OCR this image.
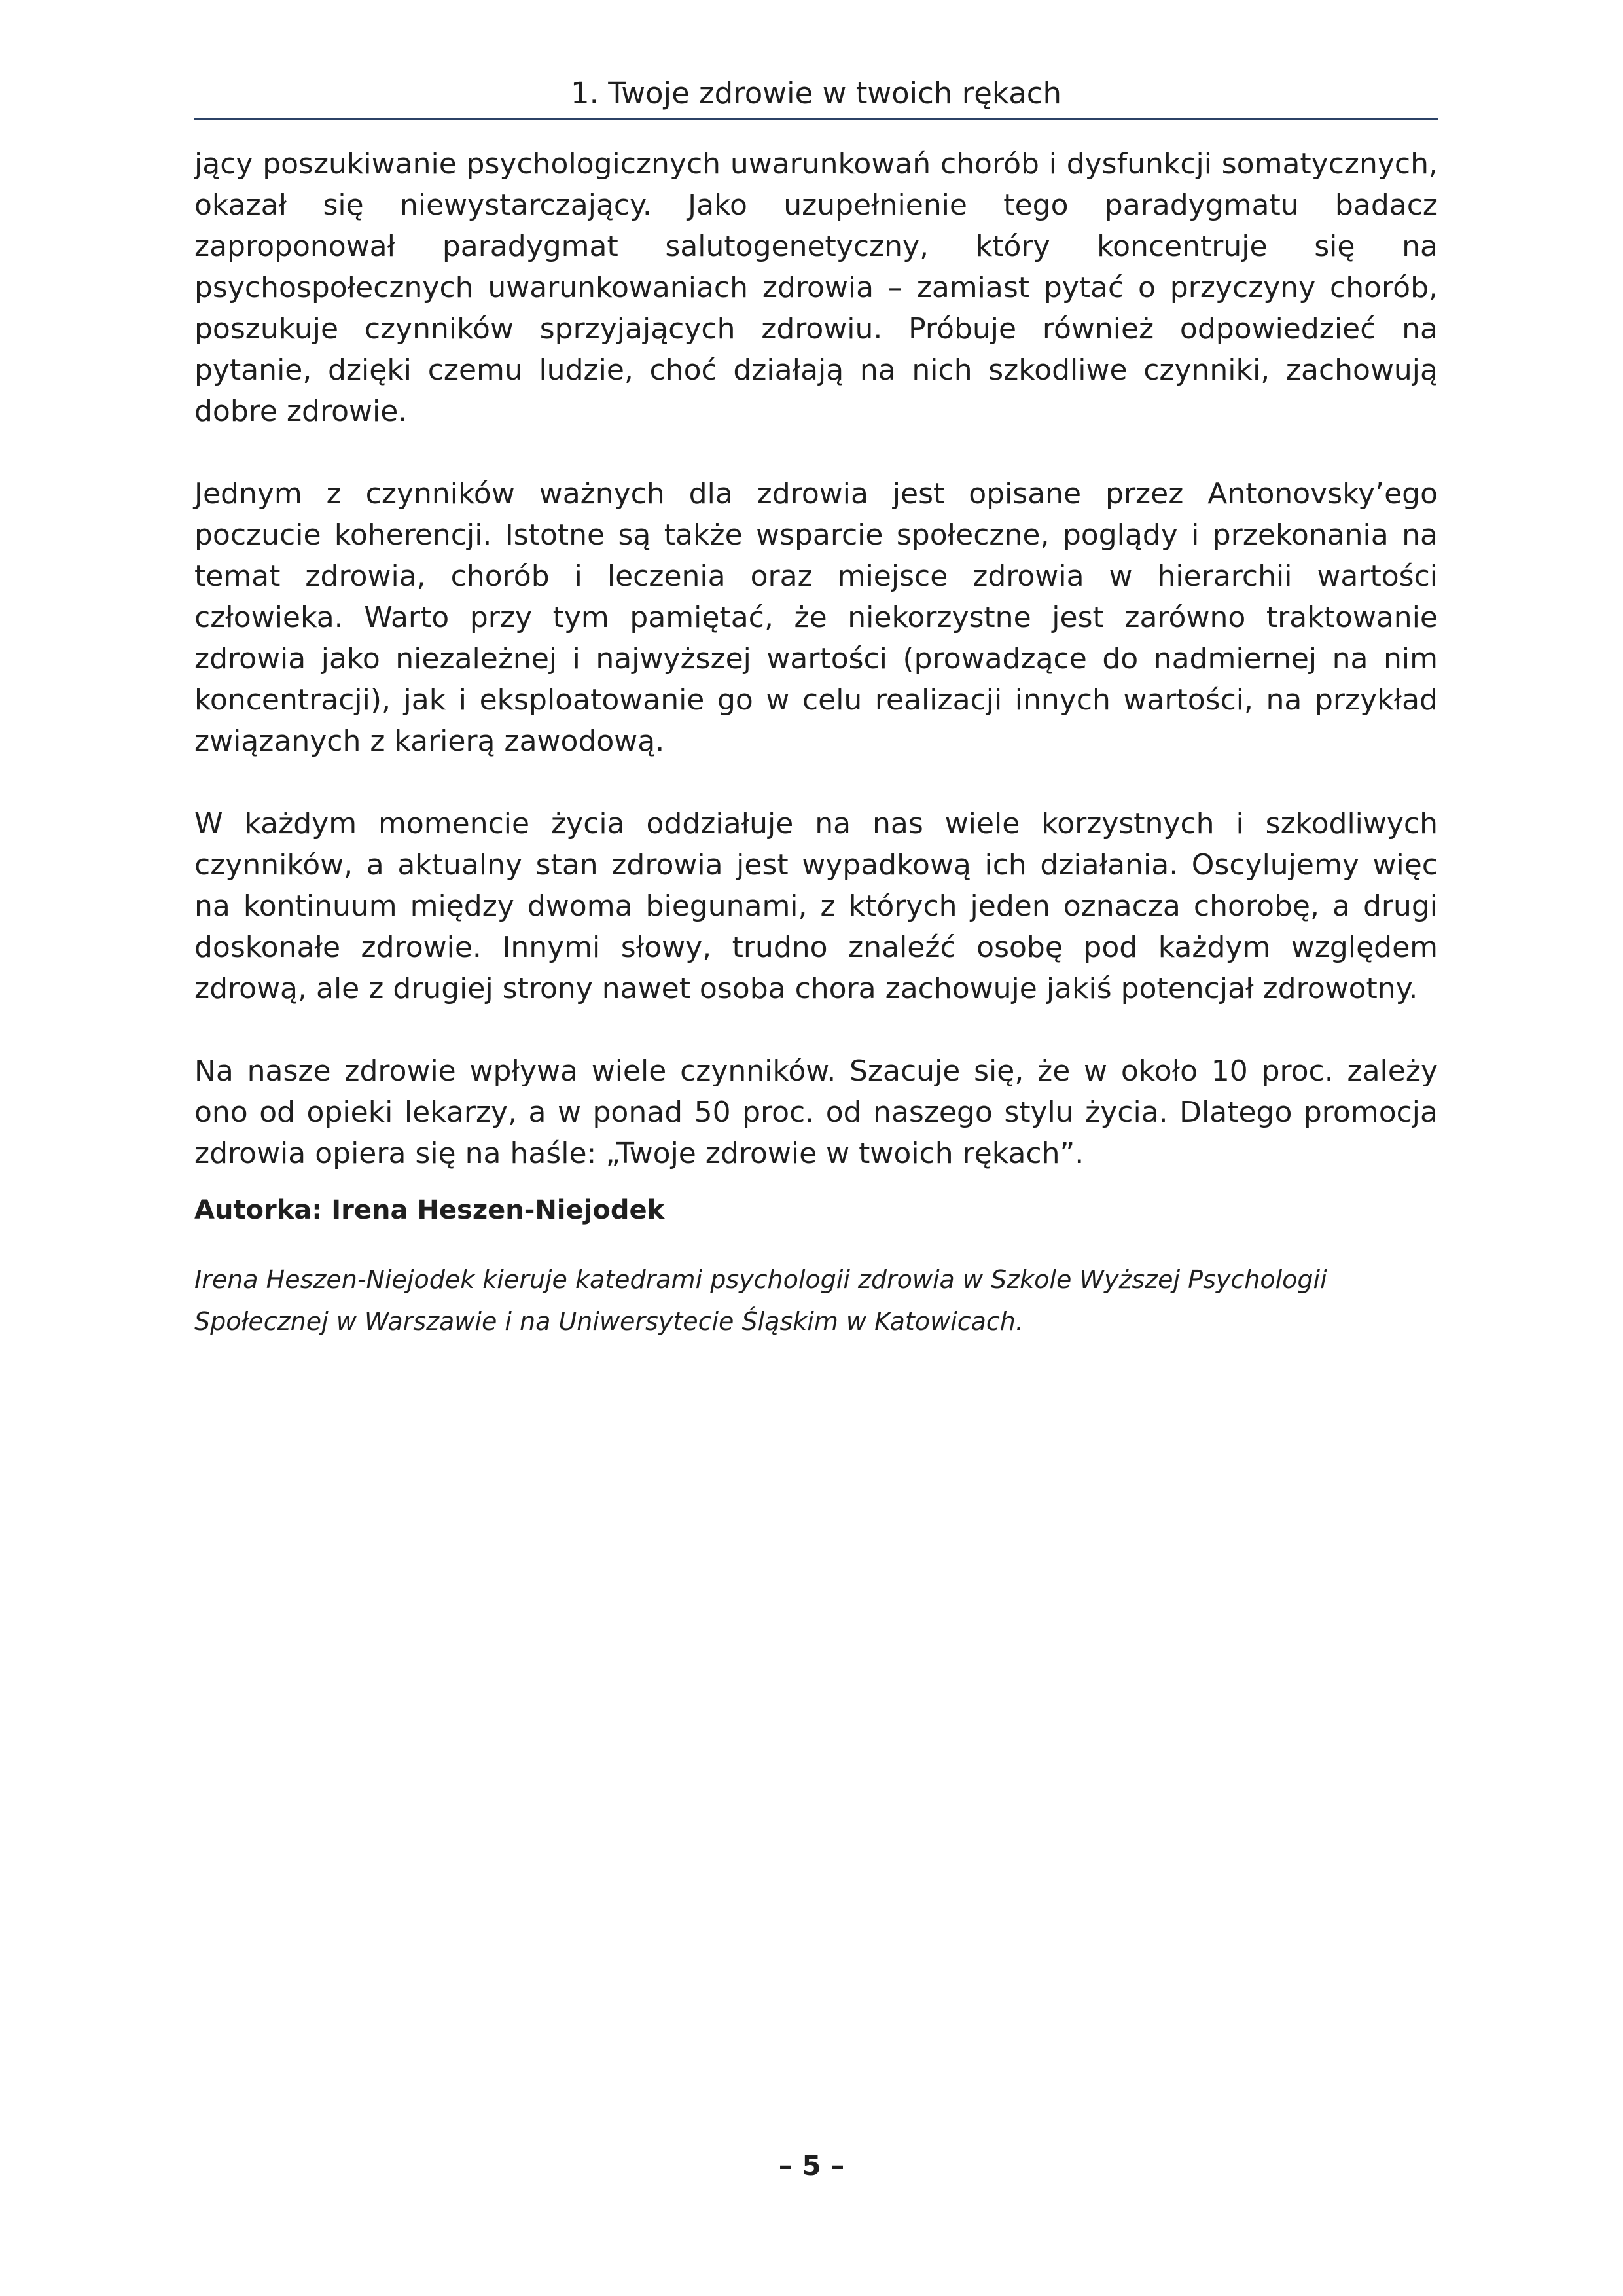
1. Twoje zdrowie w twoich rękach

jący poszukiwanie psychologicznych uwarunkowań chorób i dysfunkcji somatycznych, okazał się niewystarczający. Jako uzupełnienie tego paradygmatu badacz zaproponował paradygmat salutogenetyczny, który koncentruje się na psychospołecznych uwarunkowaniach zdrowia – zamiast pytać o przyczyny chorób, poszukuje czynników sprzyjających zdrowiu. Próbuje również odpowiedzieć na pytanie, dzięki czemu ludzie, choć działają na nich szkodliwe czynniki, zachowują dobre zdrowie.

Jednym z czynników ważnych dla zdrowia jest opisane przez Antonovsky’ego poczucie koherencji. Istotne są także wsparcie społeczne, poglądy i przekonania na temat zdrowia, chorób i leczenia oraz miejsce zdrowia w hierarchii wartości człowieka. Warto przy tym pamiętać, że niekorzystne jest zarówno traktowanie zdrowia jako niezależnej i najwyższej wartości (prowadzące do nadmiernej na nim koncentracji), jak i eksploatowanie go w celu realizacji innych wartości, na przykład związanych z karierą zawodową.

W każdym momencie życia oddziałuje na nas wiele korzystnych i szkodliwych czynników, a aktualny stan zdrowia jest wypadkową ich działania. Oscylujemy więc na kontinuum między dwoma biegunami, z których jeden oznacza chorobę, a drugi doskonałe zdrowie. Innymi słowy, trudno znaleźć osobę pod każdym względem zdrową, ale z drugiej strony nawet osoba chora zachowuje jakiś potencjał zdrowotny.

Na nasze zdrowie wpływa wiele czynników. Szacuje się, że w około 10 proc. zależy ono od opieki lekarzy, a w ponad 50 proc. od naszego stylu życia. Dlatego promocja zdrowia opiera się na haśle: „Twoje zdrowie w twoich rękach”.

Autorka: Irena Heszen-Niejodek

Irena Heszen-Niejodek kieruje katedrami psychologii zdrowia w Szkole Wyższej Psychologii Społecznej w Warszawie i na Uniwersytecie Śląskim w Katowicach.

– 5 –
